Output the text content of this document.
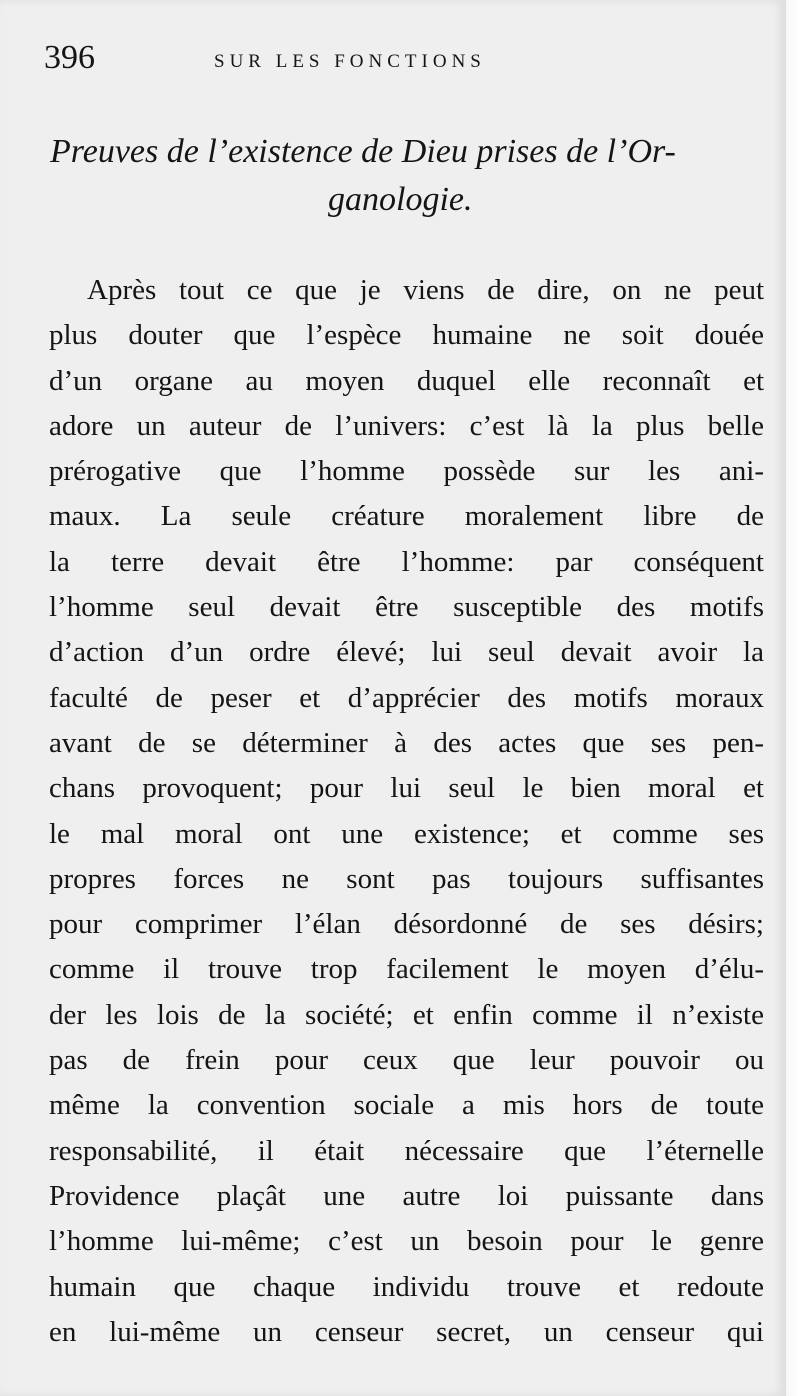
396	SUR LES FONCTIONS
Preuves de l’existence de Dieu prises de l’Or-
ganologie.
Après tout ce que je viens de dire, on ne peut
plus douter que l’espèce humaine ne soit douée
d’un organe au moyen duquel elle reconnaît et
adore un auteur de l’univers: c’est là la plus belle
prérogative que l’homme possède sur les ani-
maux. La seule créature moralement libre de
la terre devait être l’homme: par conséquent
l’homme seul devait être susceptible des motifs
d’action d’un ordre élevé; lui seul devait avoir la
faculté de peser et d’apprécier des motifs moraux
avant de se déterminer à des actes que ses pen-
chans provoquent; pour lui seul le bien moral et
le mal moral ont une existence; et comme ses
propres forces ne sont pas toujours suffisantes
pour comprimer l’élan désordonné de ses désirs;
comme il trouve trop facilement le moyen d’élu-
der les lois de la société; et enfin comme il n’existe
pas de frein pour ceux que leur pouvoir ou
même la convention sociale a mis hors de toute
responsabilité, il était nécessaire que l’éternelle
Providence plaçât une autre loi puissante dans
l’homme lui-même; c’est un besoin pour le genre
humain que chaque individu trouve et redoute
en lui-même un censeur secret, un censeur qui
